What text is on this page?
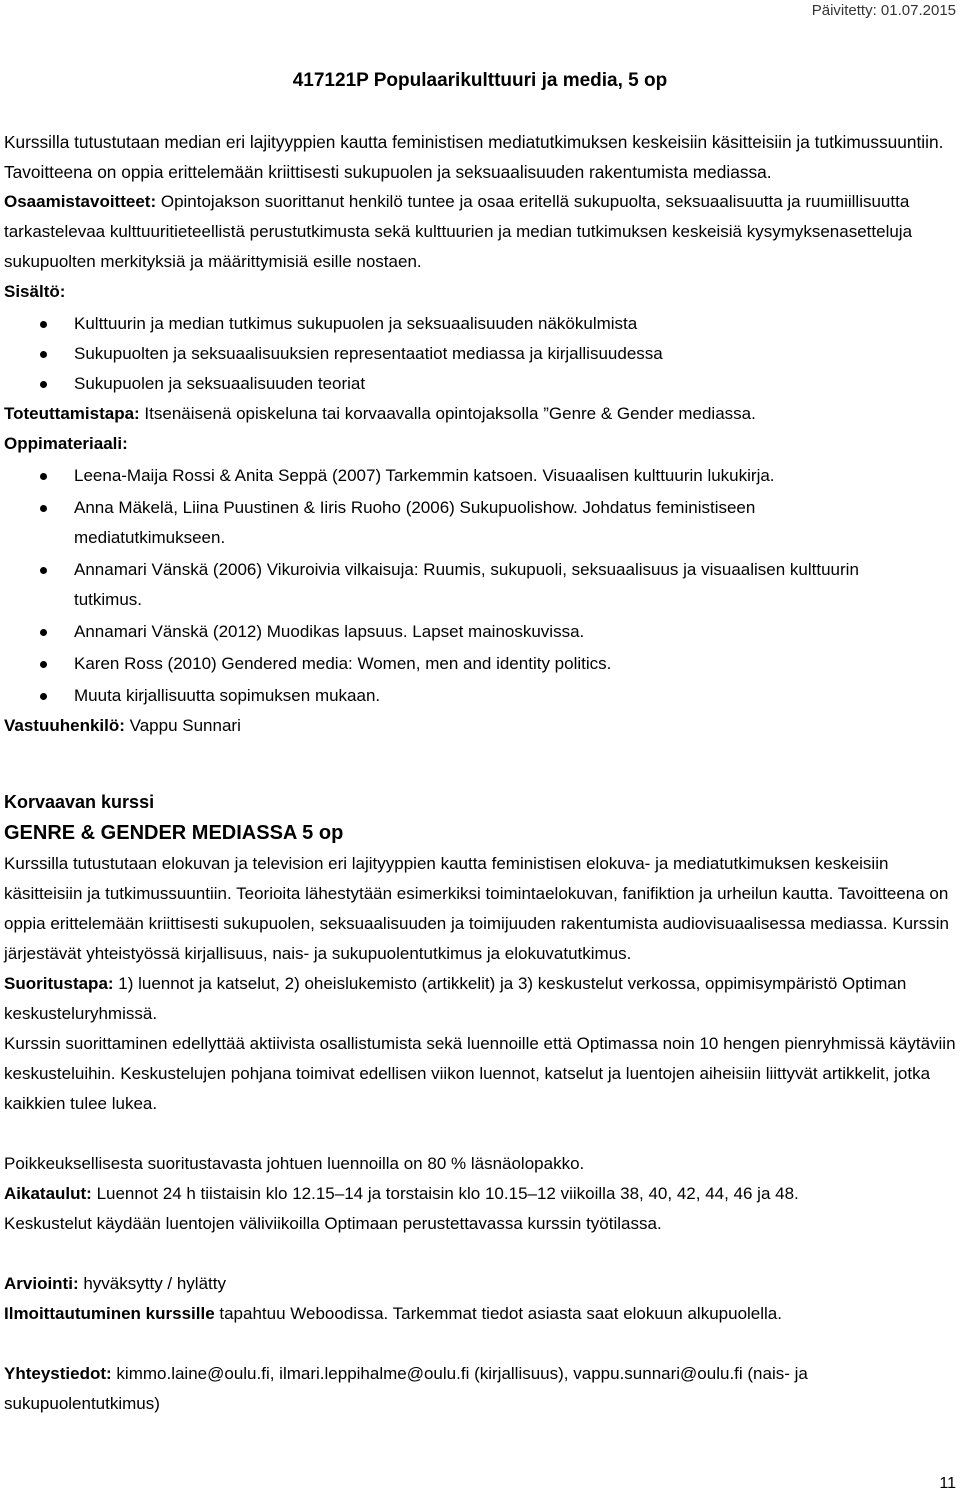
Päivitetty: 01.07.2015
417121P Populaarikulttuuri ja media, 5 op

Kurssilla tutustutaan median eri lajityyppien kautta feministisen mediatutkimuksen keskeisiin käsitteisiin ja tutkimussuuntiin. Tavoitteena on oppia erittelemään kriittisesti sukupuolen ja seksuaalisuuden rakentumista mediassa.

Osaamistavoitteet: Opintojakson suorittanut henkilö tuntee ja osaa eritellä sukupuolta, seksuaalisuutta ja ruumiillisuutta tarkastelevaa kulttuuritieteellistä perustutkimusta sekä kulttuurien ja median tutkimuksen keskeisiä kysymyksenasetteluja sukupuolten merkityksiä ja määrittymisiä esille nostaen.

Sisältö:

Kulttuurin ja median tutkimus sukupuolen ja seksuaalisuuden näkökulmista
Sukupuolten ja seksuaalisuuksien representaatiot mediassa ja kirjallisuudessa
Sukupuolen ja seksuaalisuuden teoriat

Toteuttamistapa: Itsenäisenä opiskeluna tai korvaavalla opintojaksolla ”Genre & Gender mediassa.

Oppimateriaali:

Leena-Maija Rossi & Anita Seppä (2007) Tarkemmin katsoen. Visuaalisen kulttuurin lukukirja.
Anna Mäkelä, Liina Puustinen & Iiris Ruoho (2006) Sukupuolishow. Johdatus feministiseen mediatutkimukseen.
Annamari Vänskä (2006) Vikuroivia vilkaisuja: Ruumis, sukupuoli, seksuaalisuus ja visuaalisen kulttuurin tutkimus.
Annamari Vänskä (2012) Muodikas lapsuus. Lapset mainoskuvissa.
Karen Ross (2010) Gendered media: Women, men and identity politics.
Muuta kirjallisuutta sopimuksen mukaan.

Vastuuhenkilö: Vappu Sunnari

Korvaavan kurssi

GENRE & GENDER MEDIASSA 5 op

Kurssilla tutustutaan elokuvan ja television eri lajityyppien kautta feministisen elokuva- ja mediatutkimuksen keskeisiin käsitteisiin ja tutkimussuuntiin. Teorioita lähestytään esimerkiksi toimintaelokuvan, fanifiktion ja urheilun kautta. Tavoitteena on oppia erittelemään kriittisesti sukupuolen, seksuaalisuuden ja toimijuuden rakentumista audiovisuaalisessa mediassa. Kurssin järjestävät yhteistyössä kirjallisuus, nais- ja sukupuolentutkimus ja elokuvatutkimus.

Suoritustapa: 1) luennot ja katselut, 2) oheislukemisto (artikkelit) ja 3) keskustelut verkossa, oppimisympäristö Optiman keskusteluryhmissä.

Kurssin suorittaminen edellyttää aktiivista osallistumista sekä luennoille että Optimassa noin 10 hengen pienryhmissä käytäviin keskusteluihin. Keskustelujen pohjana toimivat edellisen viikon luennot, katselut ja luentojen aiheisiin liittyvät artikkelit, jotka kaikkien tulee lukea.

Poikkeuksellisesta suoritustavasta johtuen luennoilla on 80 % läsnäolopakko.

Aikataulut: Luennot 24 h tiistaisin klo 12.15–14 ja torstaisin klo 10.15–12 viikoilla 38, 40, 42, 44, 46 ja 48.

Keskustelut käydään luentojen väliviikoilla Optimaan perustettavassa kurssin työtilassa.

Arviointi: hyväksytty / hylätty

Ilmoittautuminen kurssille tapahtuu Weboodissa. Tarkemmat tiedot asiasta saat elokuun alkupuolella.

Yhteystiedot: kimmo.laine@oulu.fi, ilmari.leppihalme@oulu.fi (kirjallisuus), vappu.sunnari@oulu.fi (nais- ja sukupuolentutkimus)

11
